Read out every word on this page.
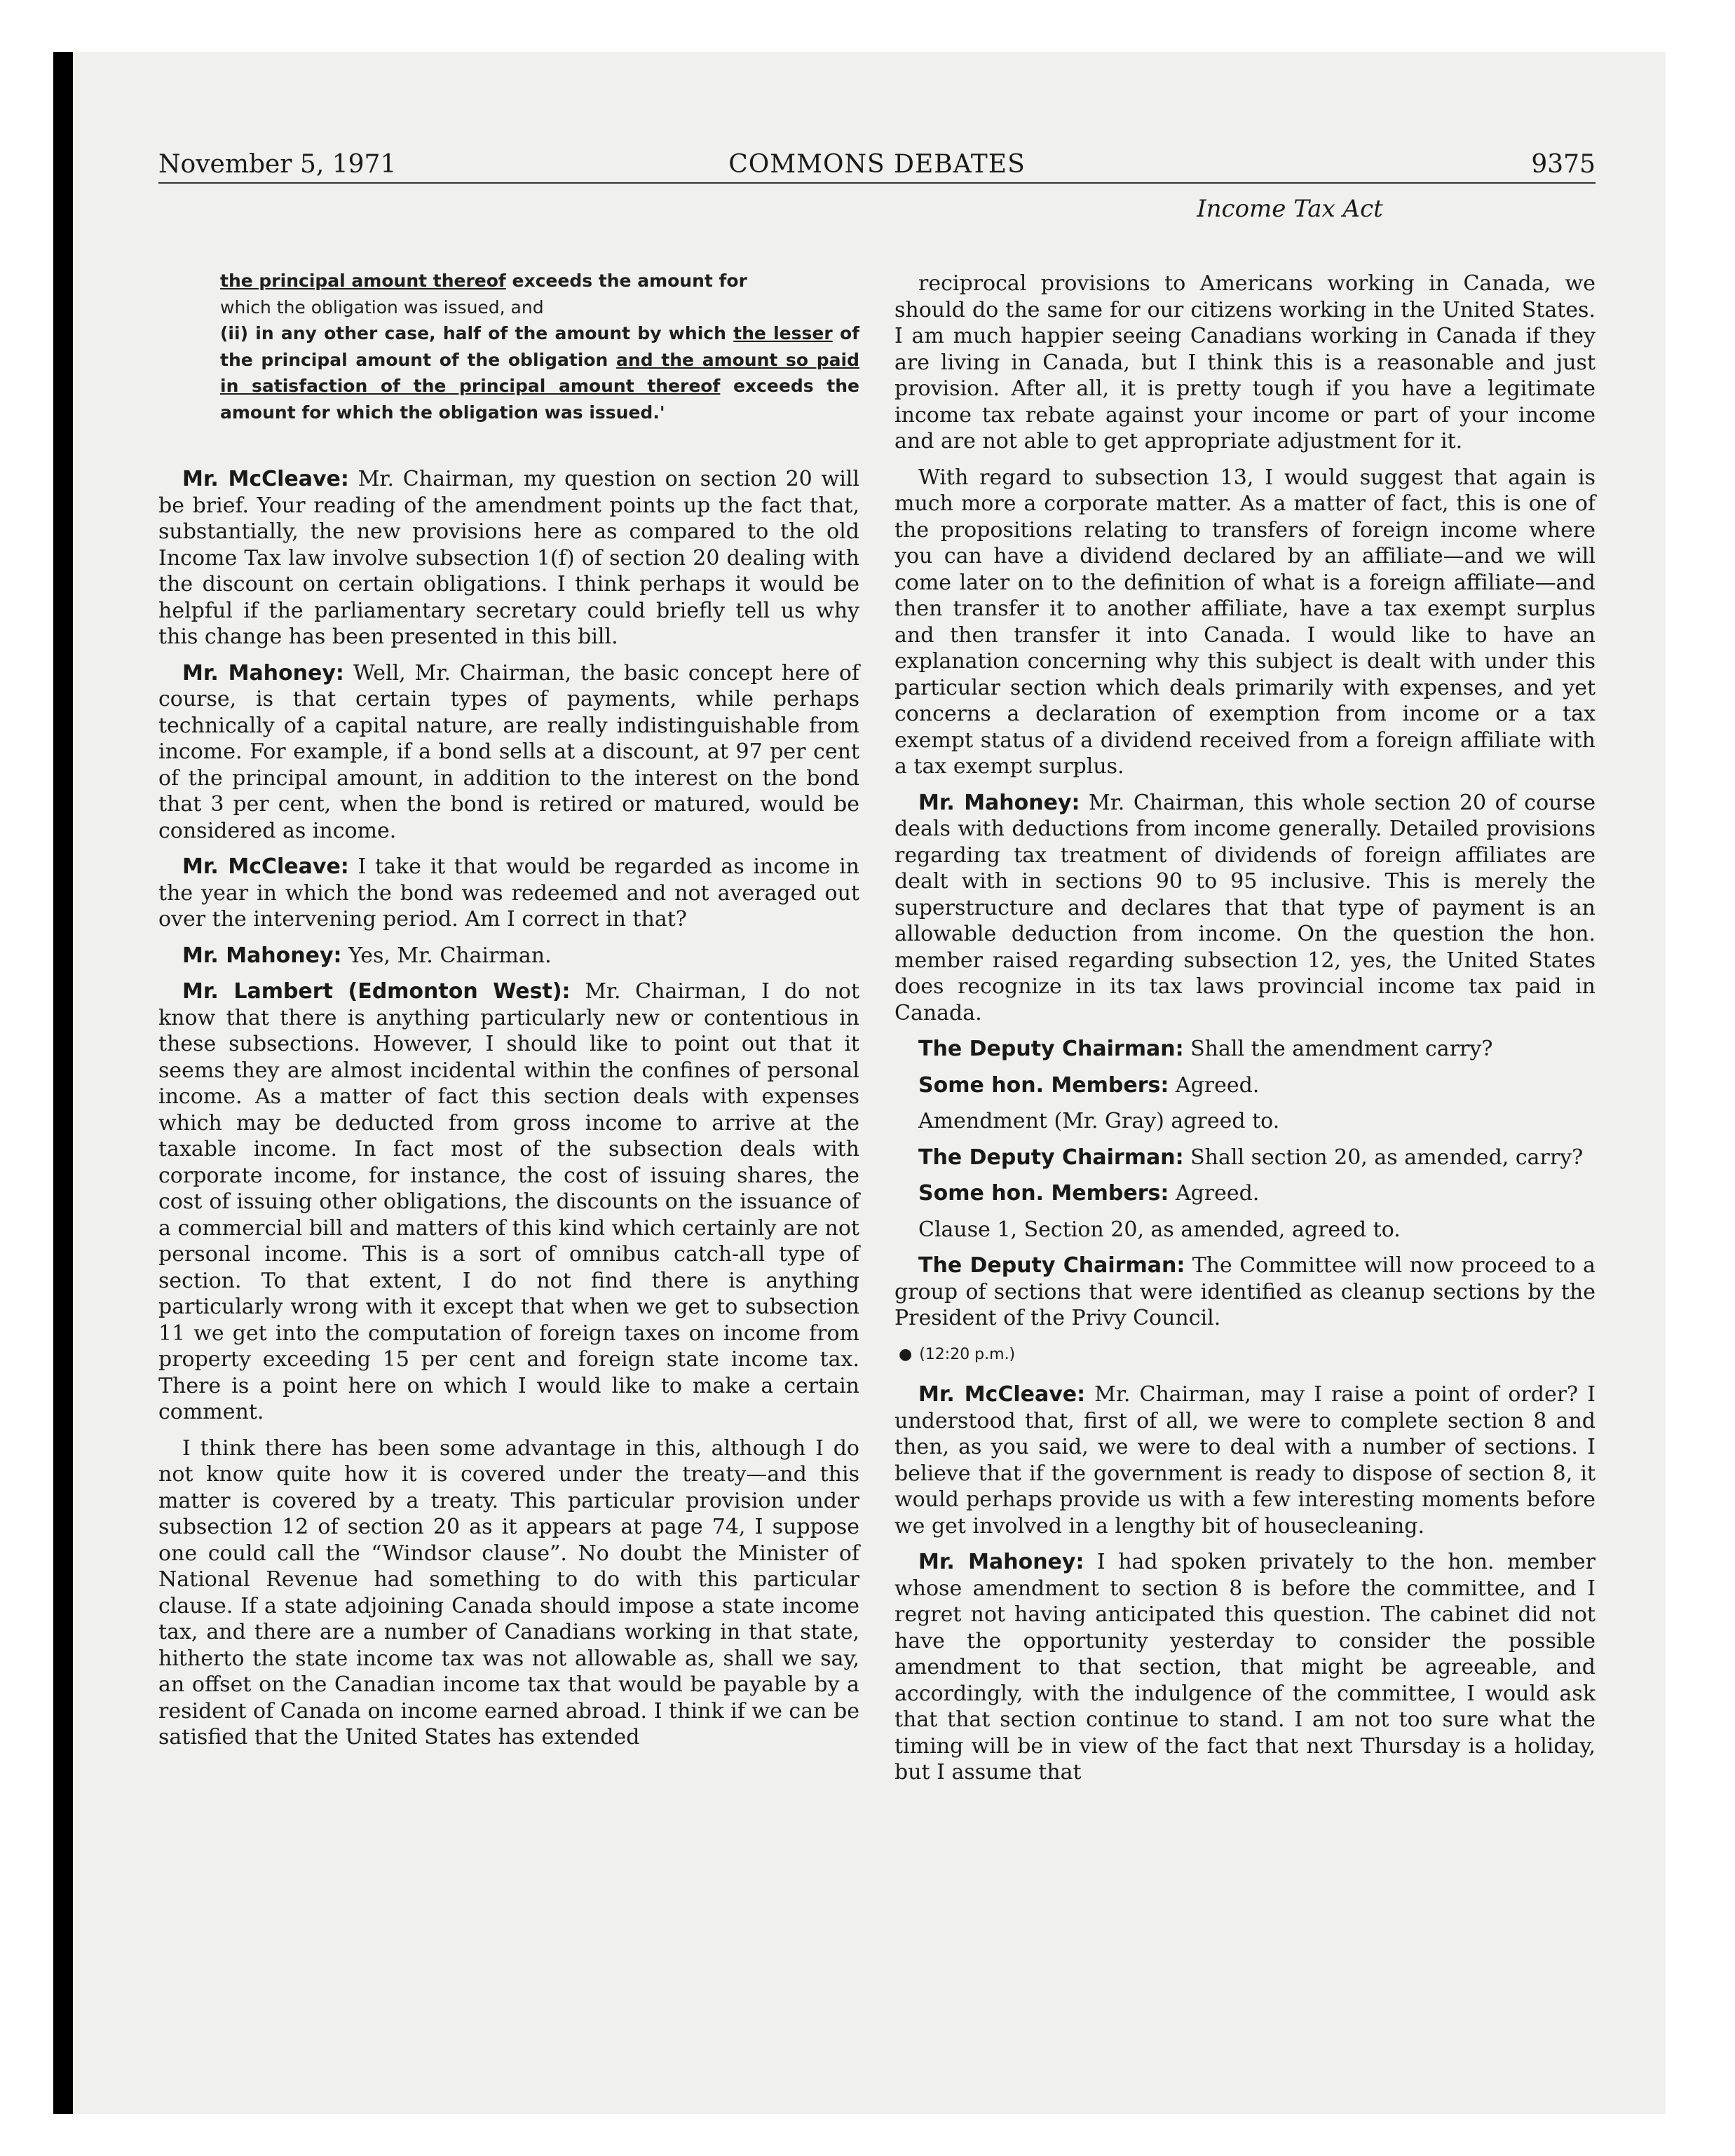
November 5, 1971	COMMONS DEBATES	9375
Income Tax Act
the principal amount thereof exceeds the amount for
which the obligation was issued, and
(ii) in any other case, half of the amount by which the lesser of the principal amount of the obligation and the amount so paid in satisfaction of the principal amount thereof exceeds the amount for which the obligation was issued.'

Mr. McCleave: Mr. Chairman, my question on section 20 will be brief. Your reading of the amendment points up the fact that, substantially, the new provisions here as compared to the old Income Tax law involve subsection 1(f) of section 20 dealing with the discount on certain obligations. I think perhaps it would be helpful if the parliamentary secretary could briefly tell us why this change has been presented in this bill.

Mr. Mahoney: Well, Mr. Chairman, the basic concept here of course, is that certain types of payments, while perhaps technically of a capital nature, are really indistinguishable from income. For example, if a bond sells at a discount, at 97 per cent of the principal amount, in addition to the interest on the bond that 3 per cent, when the bond is retired or matured, would be considered as income.

Mr. McCleave: I take it that would be regarded as income in the year in which the bond was redeemed and not averaged out over the intervening period. Am I correct in that?

Mr. Mahoney: Yes, Mr. Chairman.

Mr. Lambert (Edmonton West): Mr. Chairman, I do not know that there is anything particularly new or contentious in these subsections. However, I should like to point out that it seems they are almost incidental within the confines of personal income. As a matter of fact this section deals with expenses which may be deducted from gross income to arrive at the taxable income. In fact most of the subsection deals with corporate income, for instance, the cost of issuing shares, the cost of issuing other obligations, the discounts on the issuance of a commercial bill and matters of this kind which certainly are not personal income. This is a sort of omnibus catch-all type of section. To that extent, I do not find there is anything particularly wrong with it except that when we get to subsection 11 we get into the computation of foreign taxes on income from property exceeding 15 per cent and foreign state income tax. There is a point here on which I would like to make a certain comment.

I think there has been some advantage in this, although I do not know quite how it is covered under the treaty—and this matter is covered by a treaty. This particular provision under subsection 12 of section 20 as it appears at page 74, I suppose one could call the “Windsor clause”. No doubt the Minister of National Revenue had something to do with this particular clause. If a state adjoining Canada should impose a state income tax, and there are a number of Canadians working in that state, hitherto the state income tax was not allowable as, shall we say, an offset on the Canadian income tax that would be payable by a resident of Canada on income earned abroad. I think if we can be satisfied that the United States has extended

reciprocal provisions to Americans working in Canada, we should do the same for our citizens working in the United States. I am much happier seeing Canadians working in Canada if they are living in Canada, but I think this is a reasonable and just provision. After all, it is pretty tough if you have a legitimate income tax rebate against your income or part of your income and are not able to get appropriate adjustment for it.

With regard to subsection 13, I would suggest that again is much more a corporate matter. As a matter of fact, this is one of the propositions relating to transfers of foreign income where you can have a dividend declared by an affiliate—and we will come later on to the definition of what is a foreign affiliate—and then transfer it to another affiliate, have a tax exempt surplus and then transfer it into Canada. I would like to have an explanation concerning why this subject is dealt with under this particular section which deals primarily with expenses, and yet concerns a declaration of exemption from income or a tax exempt status of a dividend received from a foreign affiliate with a tax exempt surplus.

Mr. Mahoney: Mr. Chairman, this whole section 20 of course deals with deductions from income generally. Detailed provisions regarding tax treatment of dividends of foreign affiliates are dealt with in sections 90 to 95 inclusive. This is merely the superstructure and declares that that type of payment is an allowable deduction from income. On the question the hon. member raised regarding subsection 12, yes, the United States does recognize in its tax laws provincial income tax paid in Canada.

The Deputy Chairman: Shall the amendment carry?

Some hon. Members: Agreed.

Amendment (Mr. Gray) agreed to.

The Deputy Chairman: Shall section 20, as amended, carry?

Some hon. Members: Agreed.

Clause 1, Section 20, as amended, agreed to.

The Deputy Chairman: The Committee will now proceed to a group of sections that were identified as cleanup sections by the President of the Privy Council.

● (12:20 p.m.)

Mr. McCleave: Mr. Chairman, may I raise a point of order? I understood that, first of all, we were to complete section 8 and then, as you said, we were to deal with a number of sections. I believe that if the government is ready to dispose of section 8, it would perhaps provide us with a few interesting moments before we get involved in a lengthy bit of housecleaning.

Mr. Mahoney: I had spoken privately to the hon. member whose amendment to section 8 is before the committee, and I regret not having anticipated this question. The cabinet did not have the opportunity yesterday to consider the possible amendment to that section, that might be agreeable, and accordingly, with the indulgence of the committee, I would ask that that section continue to stand. I am not too sure what the timing will be in view of the fact that next Thursday is a holiday, but I assume that
